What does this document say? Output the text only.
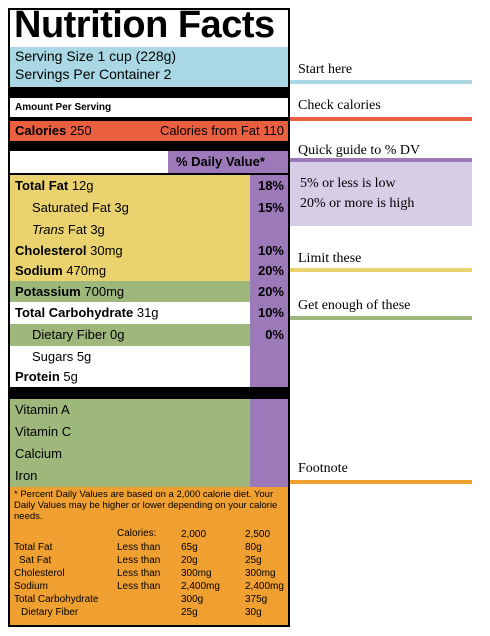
Nutrition Facts
Serving Size 1 cup (228g)
Servings Per Container 2
Amount Per Serving
Calories 250	Calories from Fat 110
% Daily Value*
Total Fat 12g	18%
Saturated Fat 3g	15%
Trans Fat 3g
Cholesterol 30mg	10%
Sodium 470mg	20%
Potassium 700mg	20%
Total Carbohydrate 31g	10%
Dietary Fiber 0g	0%
Sugars 5g
Protein 5g
Vitamin A
Vitamin C
Calcium
Iron
* Percent Daily Values are based on a 2,000 calorie diet. Your Daily Values may be higher or lower depending on your calorie needs.
	Calories:	2,000	2,500
Total Fat	Less than	65g	80g
Sat Fat	Less than	20g	25g
Cholesterol	Less than	300mg	300mg
Sodium	Less than	2,400mg	2,400mg
Total Carbohydrate		300g	375g
Dietary Fiber		25g	30g
Start here
Check calories
Quick guide to % DV
5% or less is low
20% or more is high
Limit these
Get enough of these
Footnote
